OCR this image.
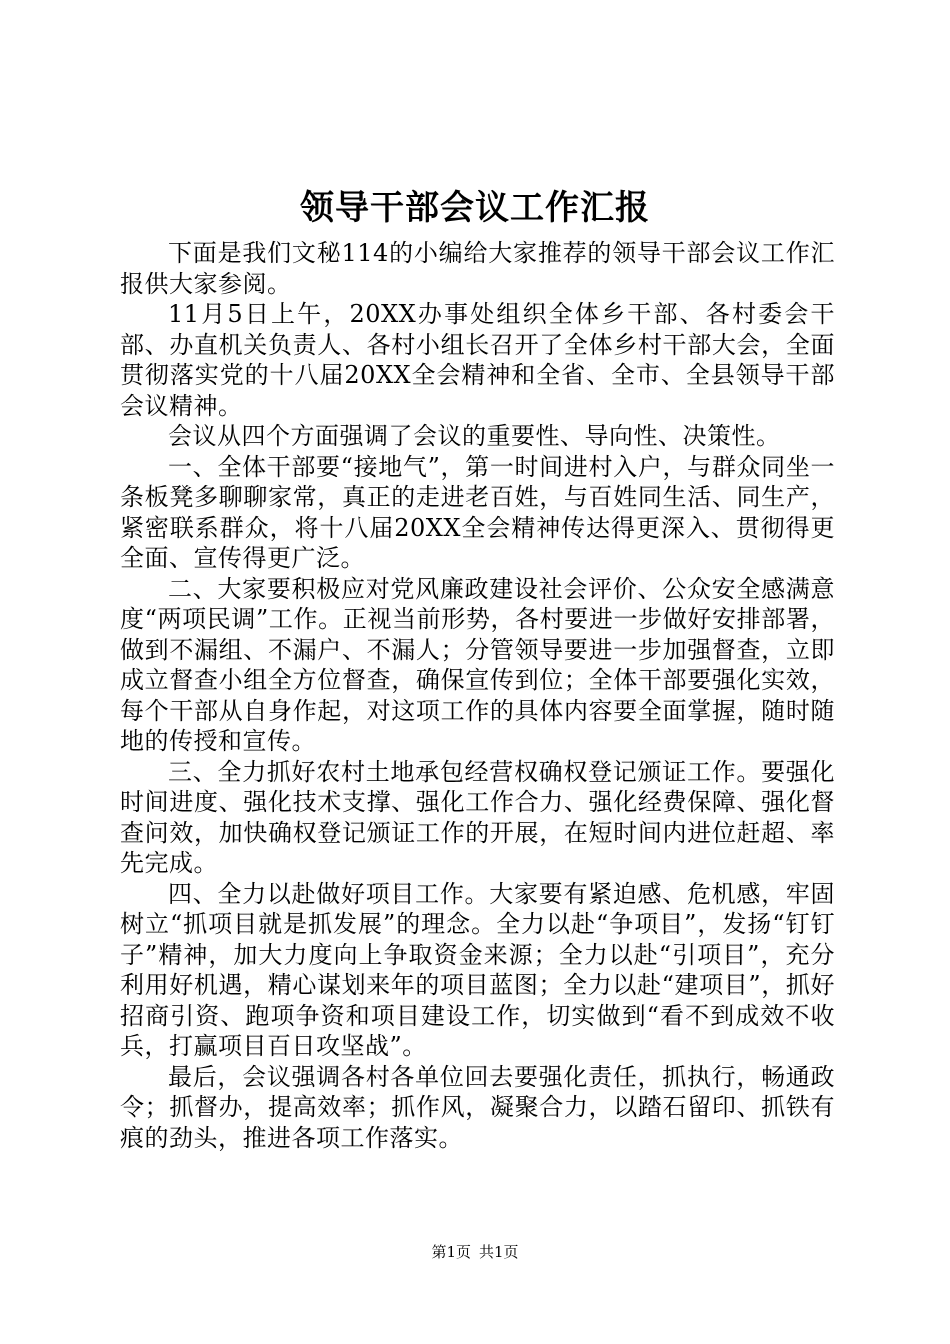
领导干部会议工作汇报

下面是我们文秘114的小编给大家推荐的领导干部会议工作汇报供大家参阅。

11月5日上午，20XX办事处组织全体乡干部、各村委会干部、办直机关负责人、各村小组长召开了全体乡村干部大会，全面贯彻落实党的十八届20XX全会精神和全省、全市、全县领导干部会议精神。

会议从四个方面强调了会议的重要性、导向性、决策性。

一、全体干部要“接地气”，第一时间进村入户，与群众同坐一条板凳多聊聊家常，真正的走进老百姓，与百姓同生活、同生产，紧密联系群众，将十八届20XX全会精神传达得更深入、贯彻得更全面、宣传得更广泛。

二、大家要积极应对党风廉政建设社会评价、公众安全感满意度“两项民调”工作。正视当前形势，各村要进一步做好安排部署，做到不漏组、不漏户、不漏人；分管领导要进一步加强督查，立即成立督查小组全方位督查，确保宣传到位；全体干部要强化实效，每个干部从自身作起，对这项工作的具体内容要全面掌握，随时随地的传授和宣传。

三、全力抓好农村土地承包经营权确权登记颁证工作。要强化时间进度、强化技术支撑、强化工作合力、强化经费保障、强化督查问效，加快确权登记颁证工作的开展，在短时间内进位赶超、率先完成。

四、全力以赴做好项目工作。大家要有紧迫感、危机感，牢固树立“抓项目就是抓发展”的理念。全力以赴“争项目”，发扬“钉钉子”精神，加大力度向上争取资金来源；全力以赴“引项目”，充分利用好机遇，精心谋划来年的项目蓝图；全力以赴“建项目”，抓好招商引资、跑项争资和项目建设工作，切实做到“看不到成效不收兵，打赢项目百日攻坚战”。

最后，会议强调各村各单位回去要强化责任，抓执行，畅通政令；抓督办，提高效率；抓作风，凝聚合力，以踏石留印、抓铁有痕的劲头，推进各项工作落实。

第1页 共1页
